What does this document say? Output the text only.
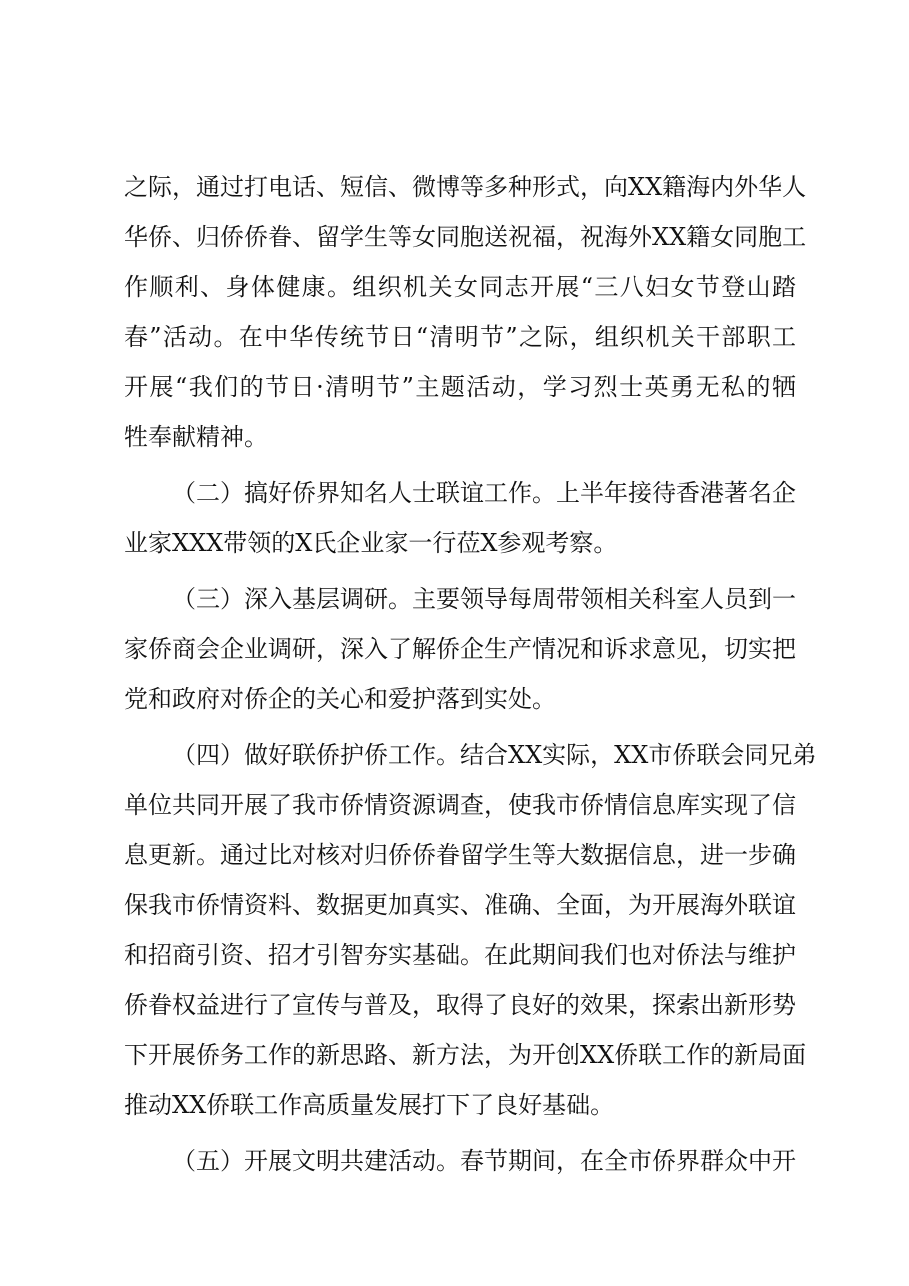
之际，通过打电话、短信、微博等多种形式，向XX籍海内外华人
华侨、归侨侨眷、留学生等女同胞送祝福，祝海外XX籍女同胞工
作顺利、身体健康。组织机关女同志开展“三八妇女节登山踏
春”活动。在中华传统节日“清明节”之际，组织机关干部职工
开展“我们的节日·清明节”主题活动，学习烈士英勇无私的牺
牲奉献精神。
（二）搞好侨界知名人士联谊工作。上半年接待香港著名企
业家XXX带领的X氏企业家一行莅X参观考察。
（三）深入基层调研。主要领导每周带领相关科室人员到一
家侨商会企业调研，深入了解侨企生产情况和诉求意见，切实把
党和政府对侨企的关心和爱护落到实处。
（四）做好联侨护侨工作。结合XX实际，XX市侨联会同兄弟
单位共同开展了我市侨情资源调查，使我市侨情信息库实现了信
息更新。通过比对核对归侨侨眷留学生等大数据信息，进一步确
保我市侨情资料、数据更加真实、准确、全面，为开展海外联谊
和招商引资、招才引智夯实基础。在此期间我们也对侨法与维护
侨眷权益进行了宣传与普及，取得了良好的效果，探索出新形势
下开展侨务工作的新思路、新方法，为开创XX侨联工作的新局面
推动XX侨联工作高质量发展打下了良好基础。
（五）开展文明共建活动。春节期间，在全市侨界群众中开
